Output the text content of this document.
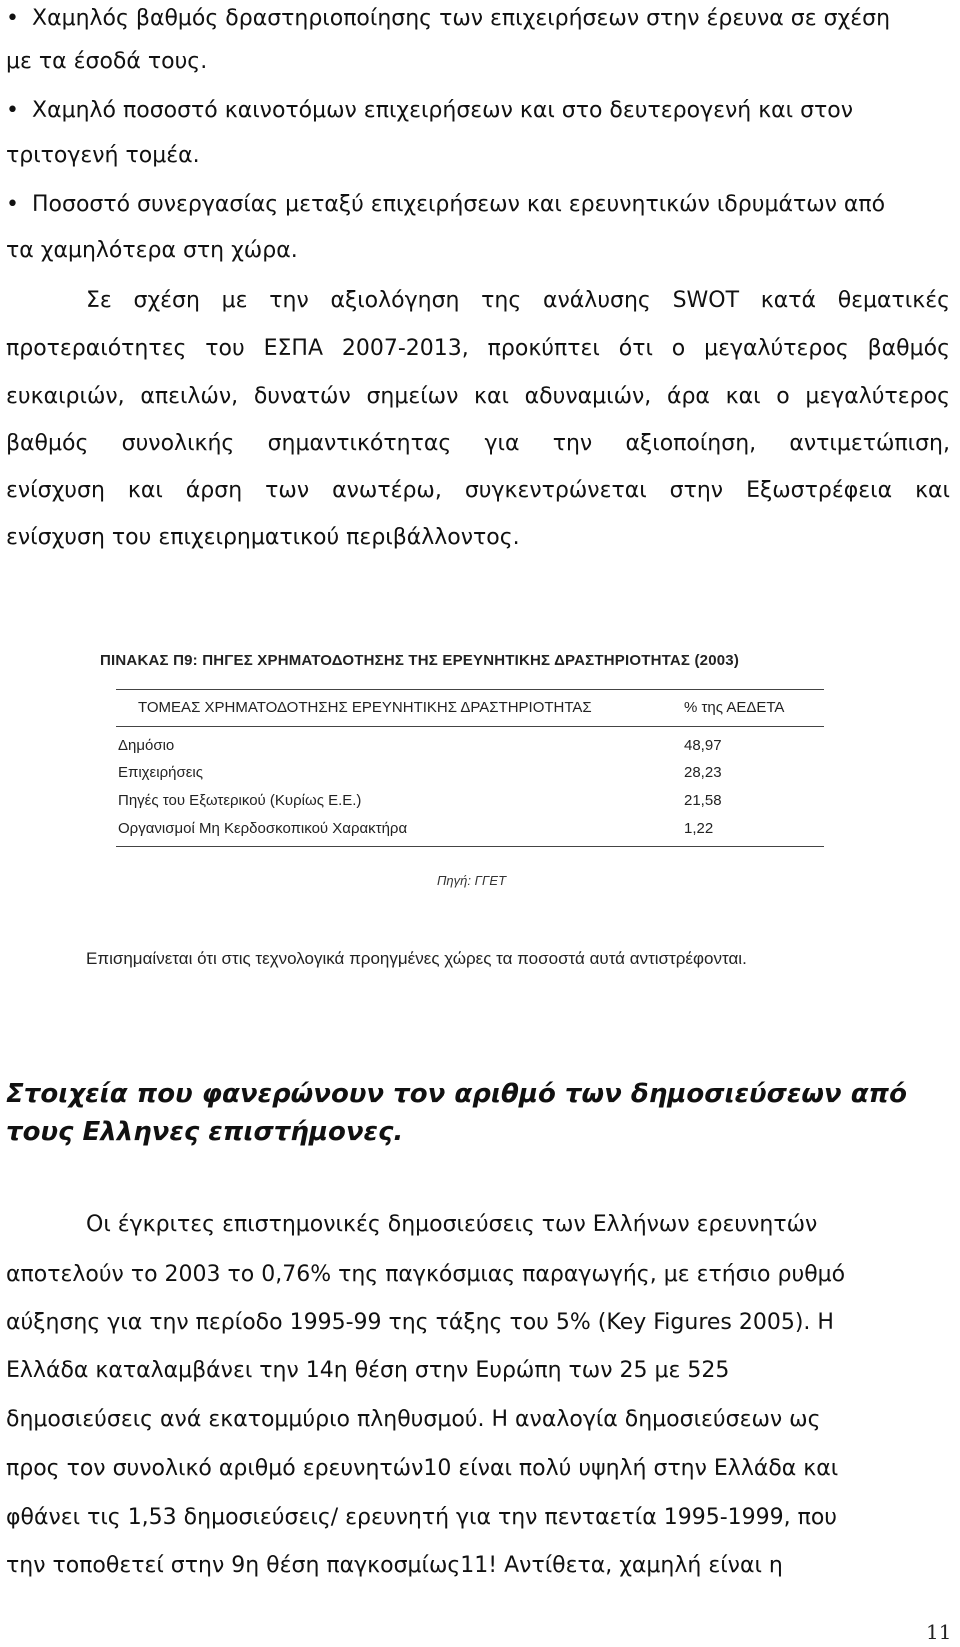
• Χαμηλός βαθμός δραστηριοποίησης των επιχειρήσεων στην έρευνα σε σχέση
με τα έσοδά τους.
• Χαμηλό ποσοστό καινοτόμων επιχειρήσεων και στο δευτερογενή και στον
τριτογενή τομέα.
• Ποσοστό συνεργασίας μεταξύ επιχειρήσεων και ερευνητικών ιδρυμάτων από
τα χαμηλότερα στη χώρα.
Σε σχέση με την αξιολόγηση της ανάλυσης SWOT κατά θεματικές
προτεραιότητες του ΕΣΠΑ 2007-2013, προκύπτει ότι ο μεγαλύτερος βαθμός
ευκαιριών, απειλών, δυνατών σημείων και αδυναμιών, άρα και ο μεγαλύτερος
βαθμός συνολικής σημαντικότητας για την αξιοποίηση, αντιμετώπιση,
ενίσχυση και άρση των ανωτέρω, συγκεντρώνεται στην Εξωστρέφεια και
ενίσχυση του επιχειρηματικού περιβάλλοντος.
ΠΙΝΑΚΑΣ Π9: ΠΗΓΕΣ ΧΡΗΜΑΤΟΔΟΤΗΣΗΣ ΤΗΣ ΕΡΕΥΝΗΤΙΚΗΣ ΔΡΑΣΤΗΡΙΟΤΗΤΑΣ (2003)
ΤΟΜΕΑΣ ΧΡΗΜΑΤΟΔΟΤΗΣΗΣ ΕΡΕΥΝΗΤΙΚΗΣ ΔΡΑΣΤΗΡΙΟΤΗΤΑΣ	% της ΑΕΔΕΤΑ
Δημόσιο	48,97
Επιχειρήσεις	28,23
Πηγές του Εξωτερικού (Κυρίως Ε.Ε.)	21,58
Οργανισμοί Μη Κερδοσκοπικού Χαρακτήρα	1,22
Πηγή: ΓΓΕΤ
Επισημαίνεται ότι στις τεχνολογικά προηγμένες χώρες τα ποσοστά αυτά αντιστρέφονται.
Στοιχεία που φανερώνουν τον αριθμό των δημοσιεύσεων από
τους Ελληνες επιστήμονες.
Οι έγκριτες επιστημονικές δημοσιεύσεις των Ελλήνων ερευνητών
αποτελούν το 2003 το 0,76% της παγκόσμιας παραγωγής, με ετήσιο ρυθμό
αύξησης για την περίοδο 1995-99 της τάξης του 5% (Key Figures 2005). Η
Ελλάδα καταλαμβάνει την 14η θέση στην Ευρώπη των 25 με 525
δημοσιεύσεις ανά εκατομμύριο πληθυσμού. Η αναλογία δημοσιεύσεων ως
προς τον συνολικό αριθμό ερευνητών10 είναι πολύ υψηλή στην Ελλάδα και
φθάνει τις 1,53 δημοσιεύσεις/ ερευνητή για την πενταετία 1995-1999, που
την τοποθετεί στην 9η θέση παγκοσμίως11! Αντίθετα, χαμηλή είναι η
11
